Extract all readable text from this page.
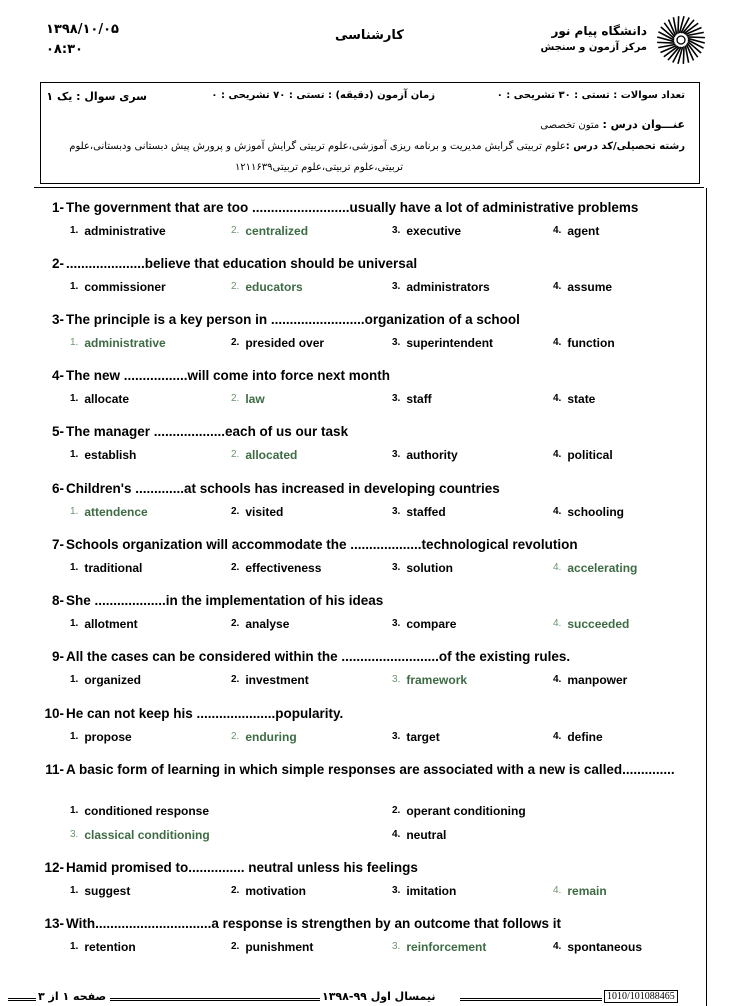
۱۳۹۸/۱۰/۰۵
۰۸:۳۰
کارشناسی	دانشگاه پیام نور
مرکز آزمون و سنجش
تعداد سوالات : تستی : ۳۰ تشریحی : ۰
زمان آزمون (دقیقه) : تستی : ۷۰ تشریحی : ۰
سری سوال : یک ۱
عنـــوان درس : متون تخصصی
رشته تحصیلی/کد درس :علوم تربیتی گرایش مدیریت و برنامه ریزی آموزشی،علوم تربیتی گرایش آموزش و پرورش پیش دبستانی ودبستانی،علوم
تربیتی،علوم تربیتی،علوم تربیتی۱۲۱۱۶۳۹
1- The government that are too ..........................usually have a lot of administrative problems
1. administrative	2. centralized	3. executive	4. agent
2- .....................believe that education should be universal
1. commissioner	2. educators	3. administrators	4. assume
3- The principle is a key person in .........................organization of a school
1. administrative	2. presided over	3. superintendent	4. function
4- The new .................will come into force next month
1. allocate	2. law	3. staff	4. state
5- The manager ...................each of us our task
1. establish	2. allocated	3. authority	4. political
6- Children's .............at schools has increased in developing countries
1. attendence	2. visited	3. staffed	4. schooling
7- Schools organization will accommodate the ...................technological revolution
1. traditional	2. effectiveness	3. solution	4. accelerating
8- She ...................in the implementation of his ideas
1. allotment	2. analyse	3. compare	4. succeeded
9- All the cases can be considered within the ..........................of the existing rules.
1. organized	2. investment	3. framework	4. manpower
10- He can not keep his .....................popularity.
1. propose	2. enduring	3. target	4. define
11- A basic form of learning in which simple responses are associated with a new is called..............
1. conditioned response	2. operant conditioning
3. classical conditioning	4. neutral
12- Hamid promised to............... neutral unless his feelings
1. suggest	2. motivation	3. imitation	4. remain
13- With...............................a response is strengthen by an outcome that follows it
1. retention	2. punishment	3. reinforcement	4. spontaneous
صفحه ۱ از ۳	نیمسال اول ۹۹-۱۳۹۸	1010/101088465
